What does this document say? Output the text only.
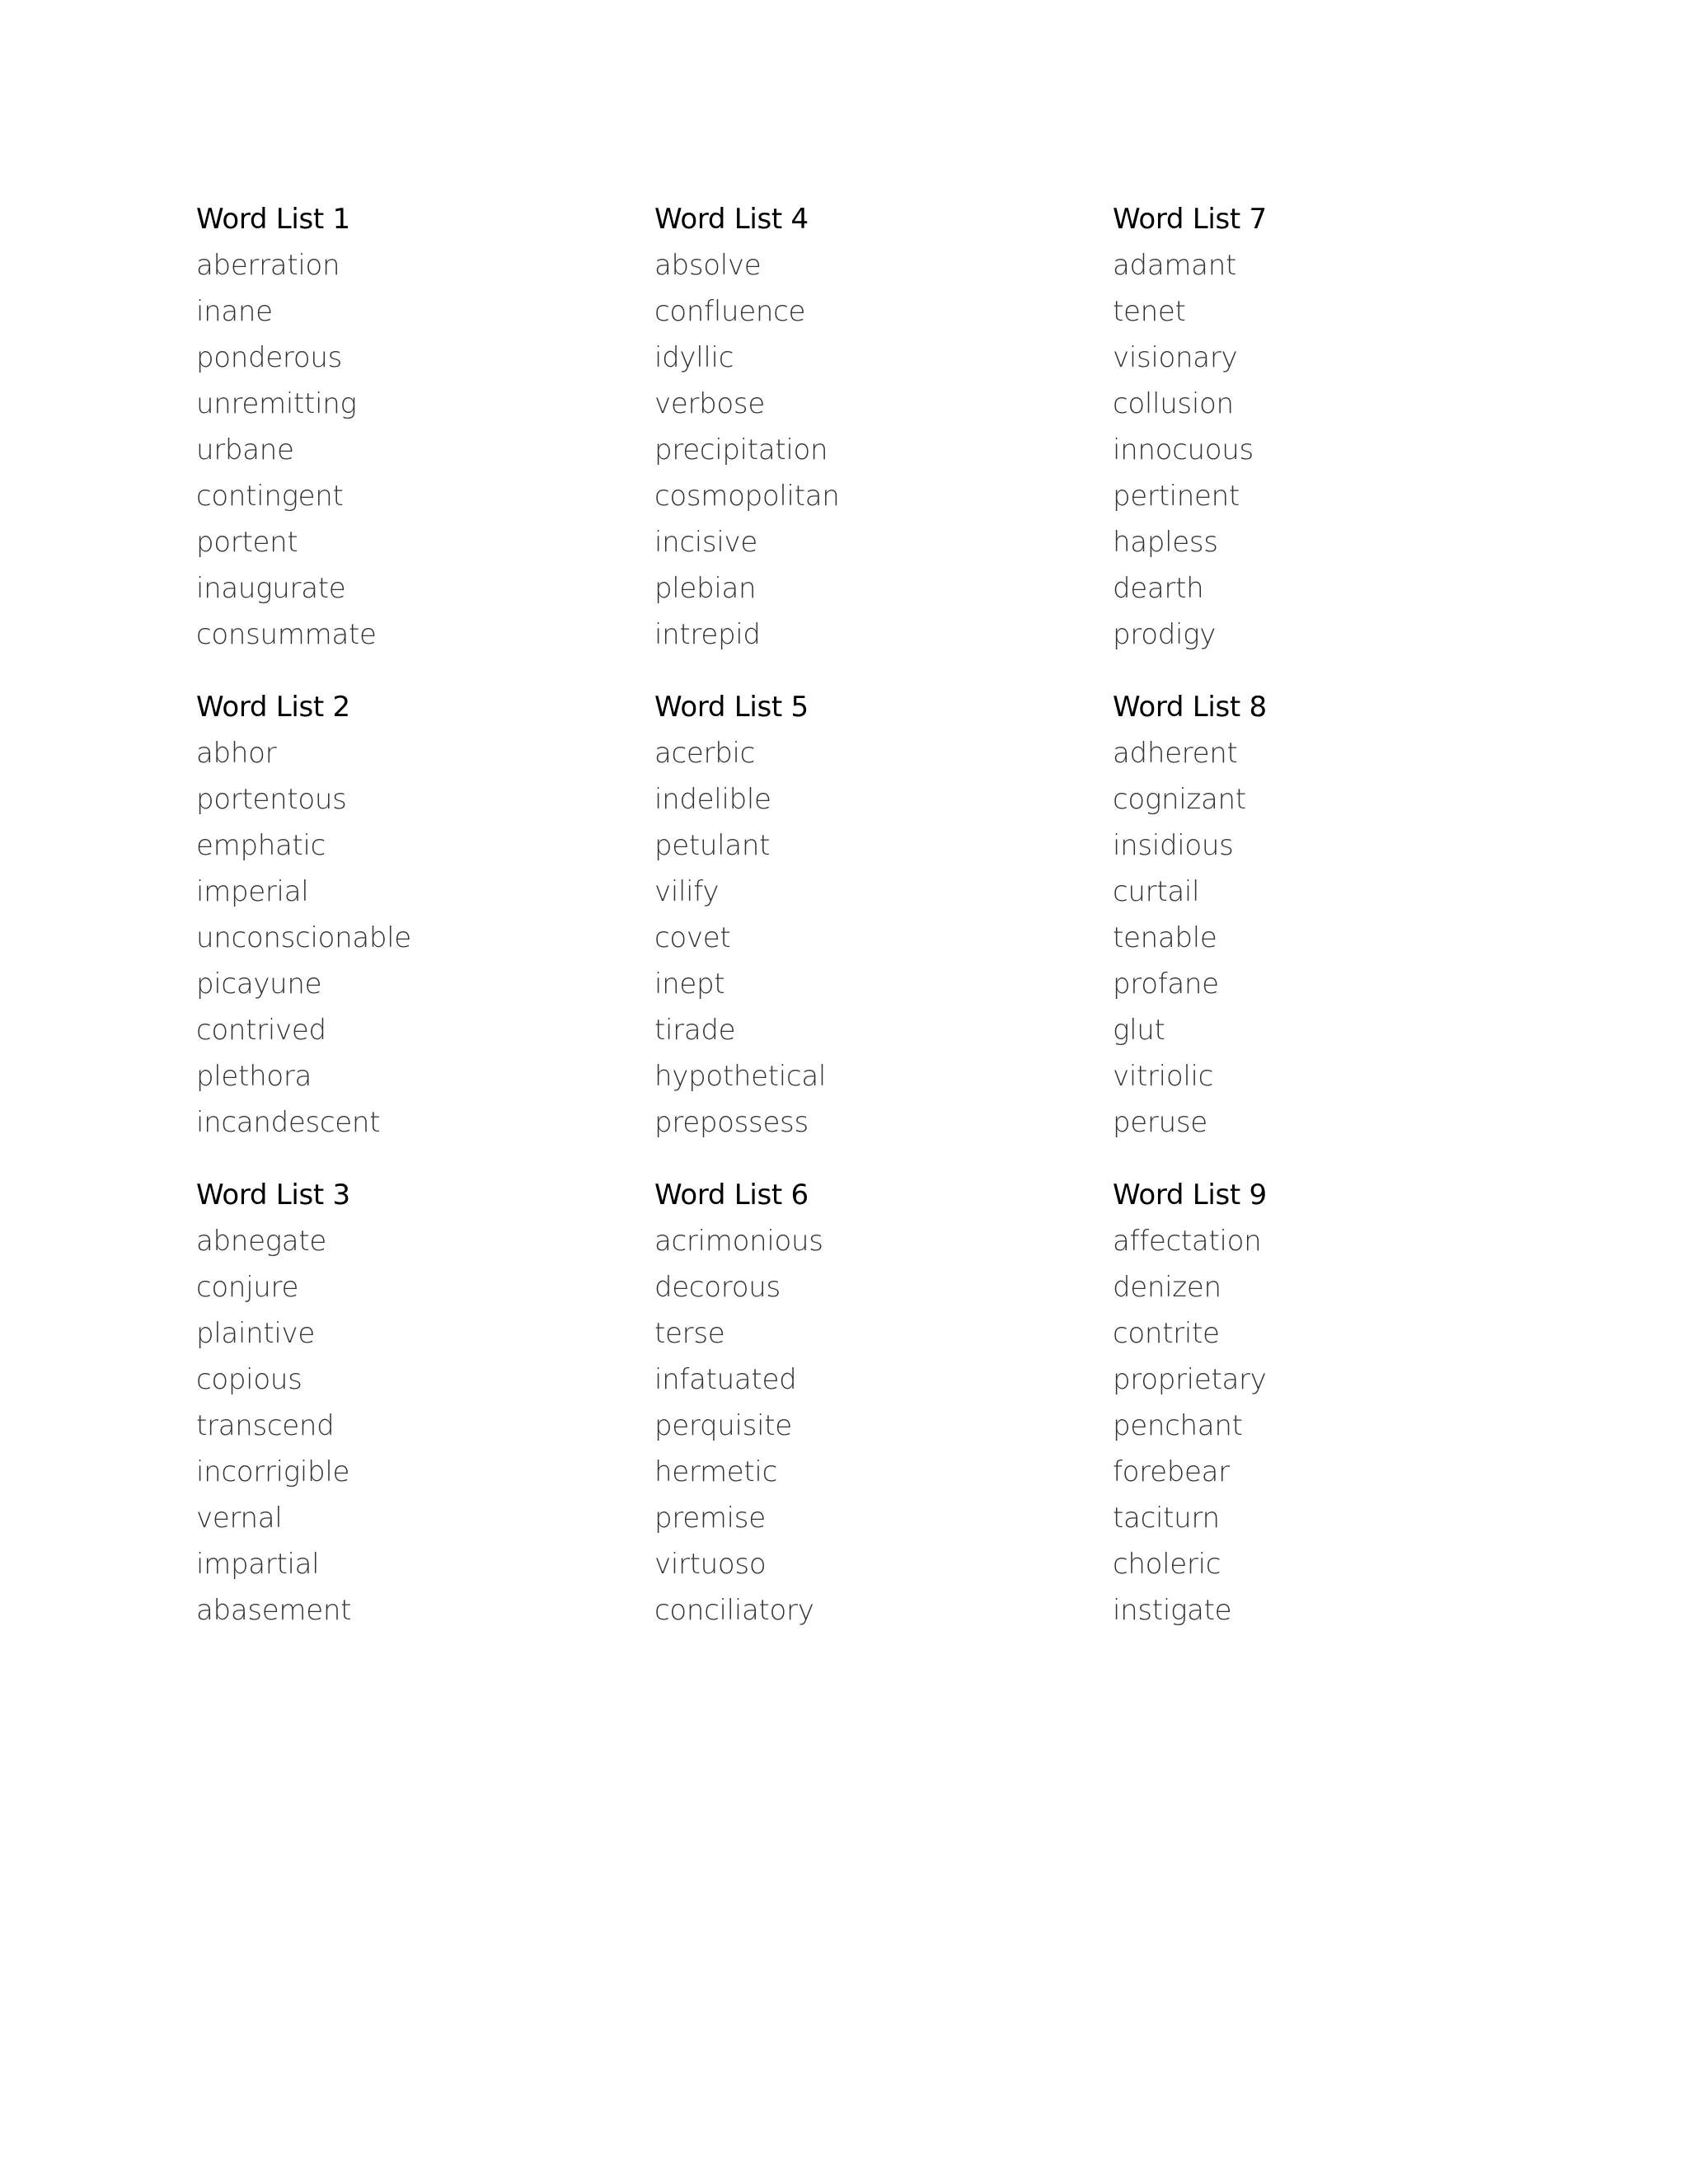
Word List 1
aberration
inane
ponderous
unremitting
urbane
contingent
portent
inaugurate
consummate
Word List 4
absolve
confluence
idyllic
verbose
precipitation
cosmopolitan
incisive
plebian
intrepid
Word List 7
adamant
tenet
visionary
collusion
innocuous
pertinent
hapless
dearth
prodigy
Word List 2
abhor
portentous
emphatic
imperial
unconscionable
picayune
contrived
plethora
incandescent
Word List 5
acerbic
indelible
petulant
vilify
covet
inept
tirade
hypothetical
prepossess
Word List 8
adherent
cognizant
insidious
curtail
tenable
profane
glut
vitriolic
peruse
Word List 3
abnegate
conjure
plaintive
copious
transcend
incorrigible
vernal
impartial
abasement
Word List 6
acrimonious
decorous
terse
infatuated
perquisite
hermetic
premise
virtuoso
conciliatory
Word List 9
affectation
denizen
contrite
proprietary
penchant
forebear
taciturn
choleric
instigate
